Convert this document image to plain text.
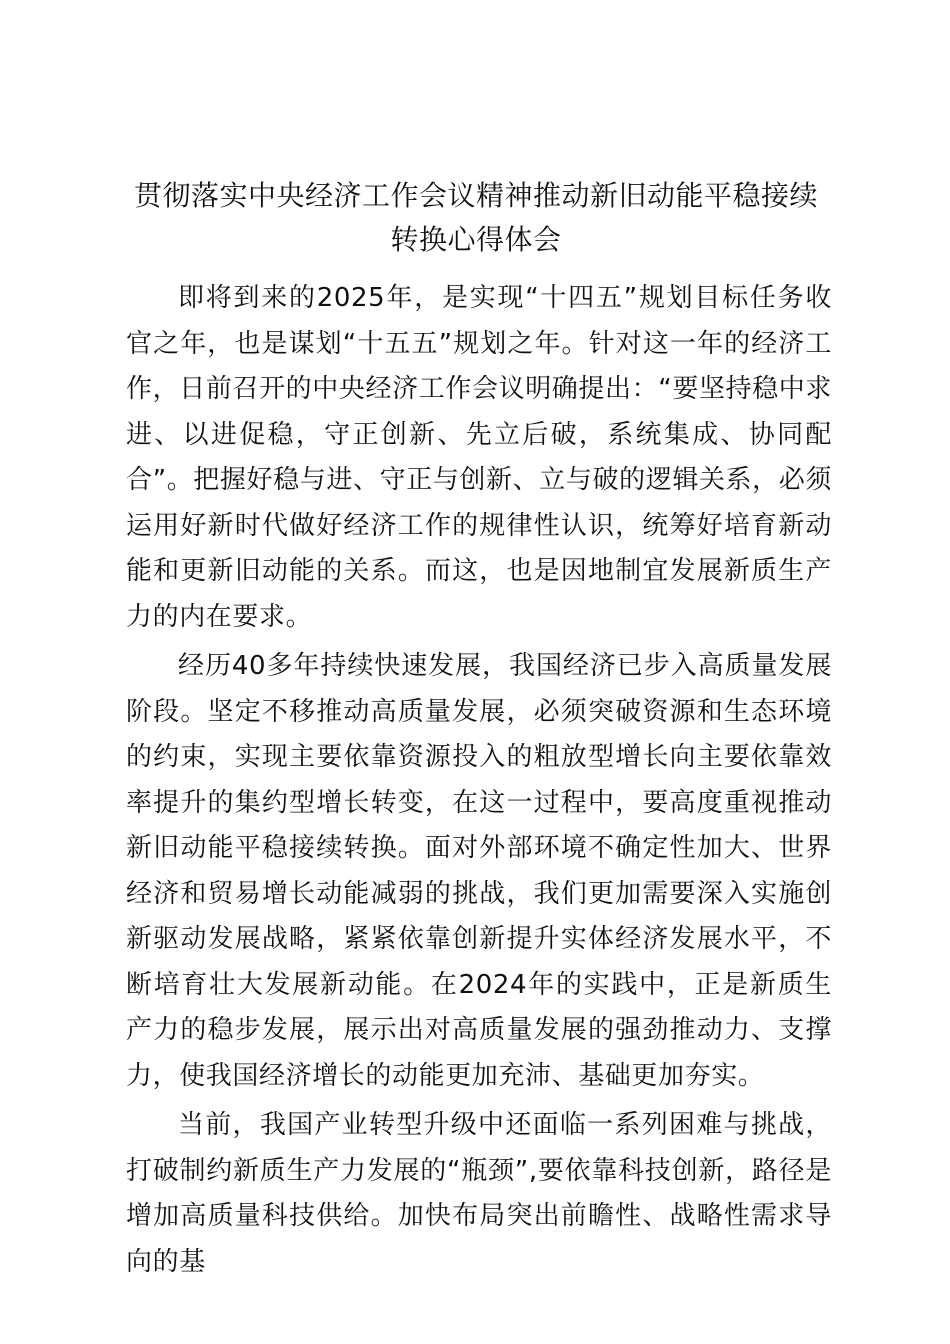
贯彻落实中央经济工作会议精神推动新旧动能平稳接续转换心得体会

即将到来的2025年，是实现“十四五”规划目标任务收官之年，也是谋划“十五五”规划之年。针对这一年的经济工作，日前召开的中央经济工作会议明确提出：“要坚持稳中求进、以进促稳，守正创新、先立后破，系统集成、协同配合”。把握好稳与进、守正与创新、立与破的逻辑关系，必须运用好新时代做好经济工作的规律性认识，统筹好培育新动能和更新旧动能的关系。而这，也是因地制宜发展新质生产力的内在要求。

经历40多年持续快速发展，我国经济已步入高质量发展阶段。坚定不移推动高质量发展，必须突破资源和生态环境的约束，实现主要依靠资源投入的粗放型增长向主要依靠效率提升的集约型增长转变，在这一过程中，要高度重视推动新旧动能平稳接续转换。面对外部环境不确定性加大、世界经济和贸易增长动能减弱的挑战，我们更加需要深入实施创新驱动发展战略，紧紧依靠创新提升实体经济发展水平，不断培育壮大发展新动能。在2024年的实践中，正是新质生产力的稳步发展，展示出对高质量发展的强劲推动力、支撑力，使我国经济增长的动能更加充沛、基础更加夯实。

当前，我国产业转型升级中还面临一系列困难与挑战，打破制约新质生产力发展的“瓶颈”,要依靠科技创新，路径是增加高质量科技供给。加快布局突出前瞻性、战略性需求导向的基
